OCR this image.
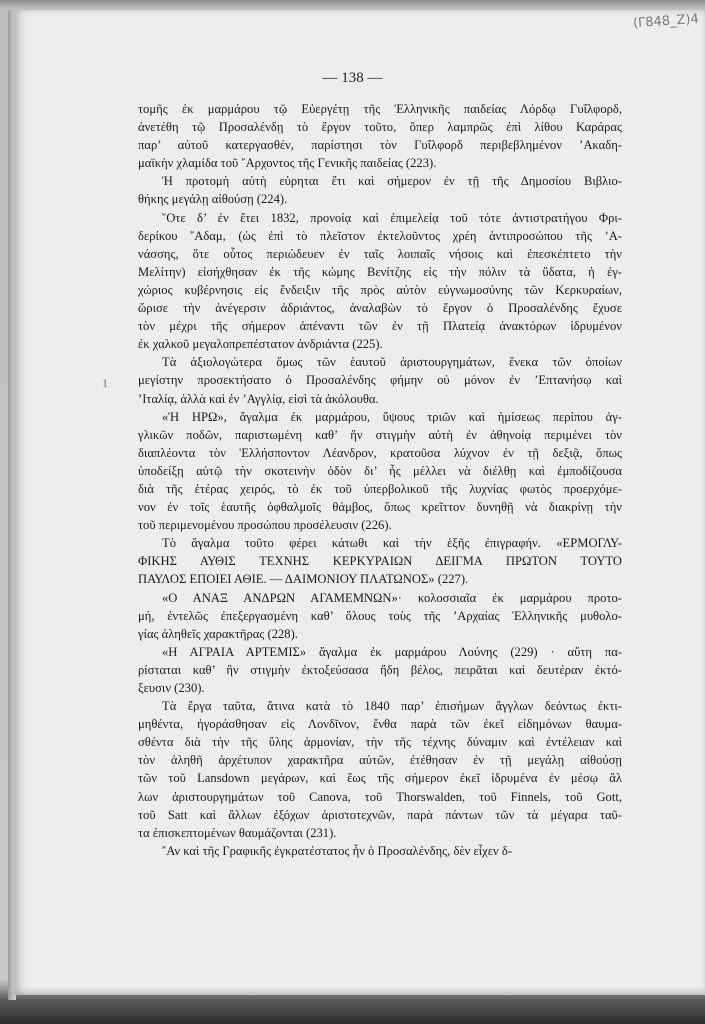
(Γ848_Ζ)4
— 138 —
1

τομῆς ἐκ μαρμάρου τῷ Εὐεργέτῃ τῆς Ἑλληνικῆς παιδείας Λόρδῳ Γυΐλφορδ,
ἀνετέθη τῷ Προσαλένδῃ τὸ ἔργον τοῦτο, ὅπερ λαμπρῶς ἐπὶ λίθου Καράρας
παρ’ αὐτοῦ κατεργασθέν, παρίστησι τὸν Γυΐλφορδ περιβεβλημένον ’Ακαδη-
μαϊκὴν χλαμίδα τοῦ ῎Αρχοντος τῆς Γενικῆς παιδείας (223).

Ἡ προτομὴ αὐτὴ εὑρηται ἔτι καὶ σήμερον ἐν τῇ τῆς Δημοσίου Βιβλιο-
θήκης μεγάλῃ αἰθούσῃ (224).

῞Οτε δ’ ἐν ἔτει 1832, προνοίᾳ καὶ ἐπιμελείᾳ τοῦ τότε ἀντιστρατήγου Φρι-
δερίκου ῎Αδαμ, (ὡς ἐπὶ τὸ πλεῖστον ἐκτελοῦντος χρέη ἀντιπροσώπου τῆς ’Α-
νάσσης, ὅτε οὗτος περιώδευεν ἐν ταῖς λοιπαῖς νήσοις καὶ ἐπεσκέπτετο τὴν
Μελίτην) εἰσήχθησαν ἐκ τῆς κώμης Βενίτζης εἰς τὴν πόλιν τὰ ὕδατα, ἡ ἐγ-
χώριος κυβέρνησις εἰς ἔνδειξιν τῆς πρὸς αὐτὸν εὐγνωμοσύνης τῶν Κερκυραίων,
ὥρισε τὴν ἀνέγερσιν ἀδριάντος, ἀναλαβὼν τὸ ἔργον ὁ Προσαλένδης ἔχυσε
τὸν μέχρι τῆς σήμερον ἀπέναντι τῶν ἐν τῇ Πλατείᾳ ἀνακτόρων ἱδρυμένον
ἐκ χαλκοῦ μεγαλοπρεπέστατον ἀνδριάντα (225).

Τὰ ἀξιολογώτερα ὅμως τῶν ἑαυτοῦ ἀριστουργημάτων, ἕνεκα τῶν ὁποίων
μεγίστην προσεκτήσατο ὁ Προσαλένδης φήμην οὐ μόνον ἐν ’Επτανήσῳ καὶ
’Ιταλίᾳ, ἀλλὰ καὶ ἐν ’Αγγλίᾳ, εἰσὶ τὰ ἀκόλουθα.

«Ἡ ΗΡΩ», ἄγαλμα ἐκ μαρμάρου, ὕψους τριῶν καὶ ἡμίσεως περίπου ἀγ-
γλικῶν ποδῶν, παριστωμένη καθ’ ἣν στιγμὴν αὐτὴ ἐν ἀθηνοίᾳ περιμένει τὸν
διαπλέοντα τὸν Ἑλλήσποντον Λέανδρον, κρατοῦσα λύχνον ἐν τῇ δεξιᾷ, ὅπως
ὑποδείξῃ αὐτῷ τὴν σκοτεινὴν ὁδὸν δι’ ἧς μέλλει νὰ διέλθῃ καὶ ἐμποδίζουσα
διὰ τῆς ἑτέρας χειρός, τὸ ἐκ τοῦ ὑπερβολικοῦ τῆς λυχνίας φωτὸς προερχόμε-
νον ἐν τοῖς ἑαυτῆς ὀφθαλμοῖς θάμβος, ὅπως κρεῖττον δυνηθῇ νὰ διακρίνῃ τὴν
τοῦ περιμενομένου προσώπου προσέλευσιν (226).

Τὸ ἄγαλμα τοῦτο φέρει κάτωθι καὶ τὴν ἑξῆς ἐπιγραφήν. «ΕΡΜΟΓΛΥ-
ΦΙΚΗΣ ΑΥΘΙΣ ΤΕΧΝΗΣ ΚΕΡΚΥΡΑΙΩΝ ΔΕΙΓΜΑ ΠΡΩΤΟΝ ΤΟΥΤΟ
ΠΑΥΛΟΣ ΕΠΟΙΕΙ ΑΘΙΕ. — ΔΑΙΜΟΝΙΟΥ ΠΛΑΤΩΝΟΣ» (227).

«Ο ΑΝΑΞ ΑΝΔΡΩΝ ΑΓΑΜΕΜΝΩΝ»· κολοσσιαῖα ἐκ μαρμάρου προτο-
μή, ἐντελῶς ἐπεξεργασμένη καθ’ ὅλους τοὺς τῆς ’Αρχαίας Ἑλληνικῆς μυθολο-
γίας ἀληθεῖς χαρακτῆρας (228).

«Η ΑΓΡΑΙΑ ΑΡΤΕΜΙΣ» ἄγαλμα ἐκ μαρμάρου Λούνης (229) · αὕτη πα-
ρίσταται καθ’ ἣν στιγμὴν ἐκτοξεύσασα ἤδη βέλος, πειρᾶται καὶ δευτέραν ἐκτό-
ξευσιν (230).

Τὰ ἔργα ταῦτα, ἅτινα κατὰ τὸ 1840 παρ’ ἐπισήμων ἄγγλων δεόντως ἐκτι-
μηθέντα, ἠγοράσθησαν εἰς Λονδῖνον, ἔνθα παρὰ τῶν ἐκεῖ εἰδημόνων θαυμα-
σθέντα διὰ τὴν τῆς ὕλης ἁρμονίαν, τὴν τῆς τέχνης δύναμιν καὶ ἐντέλειαν καὶ
τὸν ἀληθῆ ἀρχέτυπον χαρακτῆρα αὐτῶν, ἐτέθησαν ἐν τῇ μεγάλῃ αἰθούσῃ
τῶν τοῦ Lansdown μεγάρων, καὶ ἕως τῆς σήμερον ἐκεῖ ἱδρυμένα ἐν μέσῳ ἄλ
λων ἀριστουργημάτων τοῦ Canova, τοῦ Thorswalden, τοῦ Finnels, τοῦ Gott,
τοῦ Satt καὶ ἄλλων ἐξόχων ἀριστοτεχνῶν, παρὰ πάντων τῶν τὰ μέγαρα ταῦ-
τα ἐπισκεπτομένων θαυμάζονται (231).

῎Αν καὶ τῆς Γραφικῆς ἐγκρατέστατος ἦν ὁ Προσαλένδης, δὲν εἶχεν δ-
